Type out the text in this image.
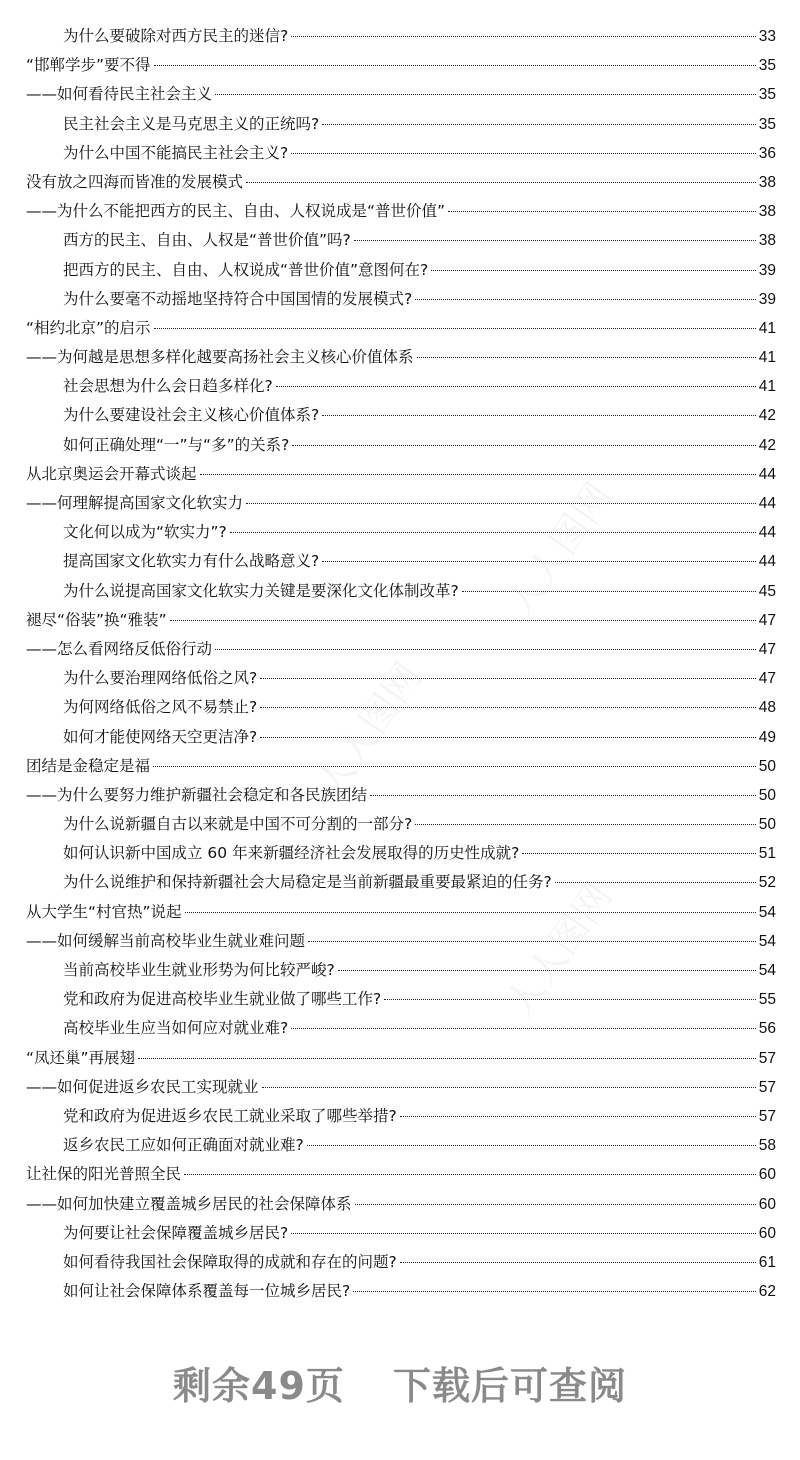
为什么要破除对西方民主的迷信?	33
“邯郸学步”要不得	35
——如何看待民主社会主义	35
民主社会主义是马克思主义的正统吗?	35
为什么中国不能搞民主社会主义?	36
没有放之四海而皆准的发展模式	38
——为什么不能把西方的民主、自由、人权说成是“普世价值”	38
西方的民主、自由、人权是“普世价值”吗?	38
把西方的民主、自由、人权说成“普世价值”意图何在?	39
为什么要毫不动摇地坚持符合中国国情的发展模式?	39
“相约北京”的启示	41
——为何越是思想多样化越要高扬社会主义核心价值体系	41
社会思想为什么会日趋多样化?	41
为什么要建设社会主义核心价值体系?	42
如何正确处理“一”与“多”的关系?	42
从北京奥运会开幕式谈起	44
——何理解提高国家文化软实力	44
文化何以成为“软实力”?	44
提高国家文化软实力有什么战略意义?	44
为什么说提高国家文化软实力关键是要深化文化体制改革?	45
褪尽“俗装”换“雅装”	47
——怎么看网络反低俗行动	47
为什么要治理网络低俗之风?	47
为何网络低俗之风不易禁止?	48
如何才能使网络天空更洁净?	49
团结是金稳定是福	50
——为什么要努力维护新疆社会稳定和各民族团结	50
为什么说新疆自古以来就是中国不可分割的一部分?	50
如何认识新中国成立 60 年来新疆经济社会发展取得的历史性成就?	51
为什么说维护和保持新疆社会大局稳定是当前新疆最重要最紧迫的任务?	52
从大学生“村官热”说起	54
——如何缓解当前高校毕业生就业难问题	54
当前高校毕业生就业形势为何比较严峻?	54
党和政府为促进高校毕业生就业做了哪些工作?	55
高校毕业生应当如何应对就业难?	56
“凤还巢”再展翅	57
——如何促进返乡农民工实现就业	57
党和政府为促进返乡农民工就业采取了哪些举措?	57
返乡农民工应如何正确面对就业难?	58
让社保的阳光普照全民	60
——如何加快建立覆盖城乡居民的社会保障体系	60
为何要让社会保障覆盖城乡居民?	60
如何看待我国社会保障取得的成就和存在的问题?	61
如何让社会保障体系覆盖每一位城乡居民?	62
剩余49页 下载后可查阅
